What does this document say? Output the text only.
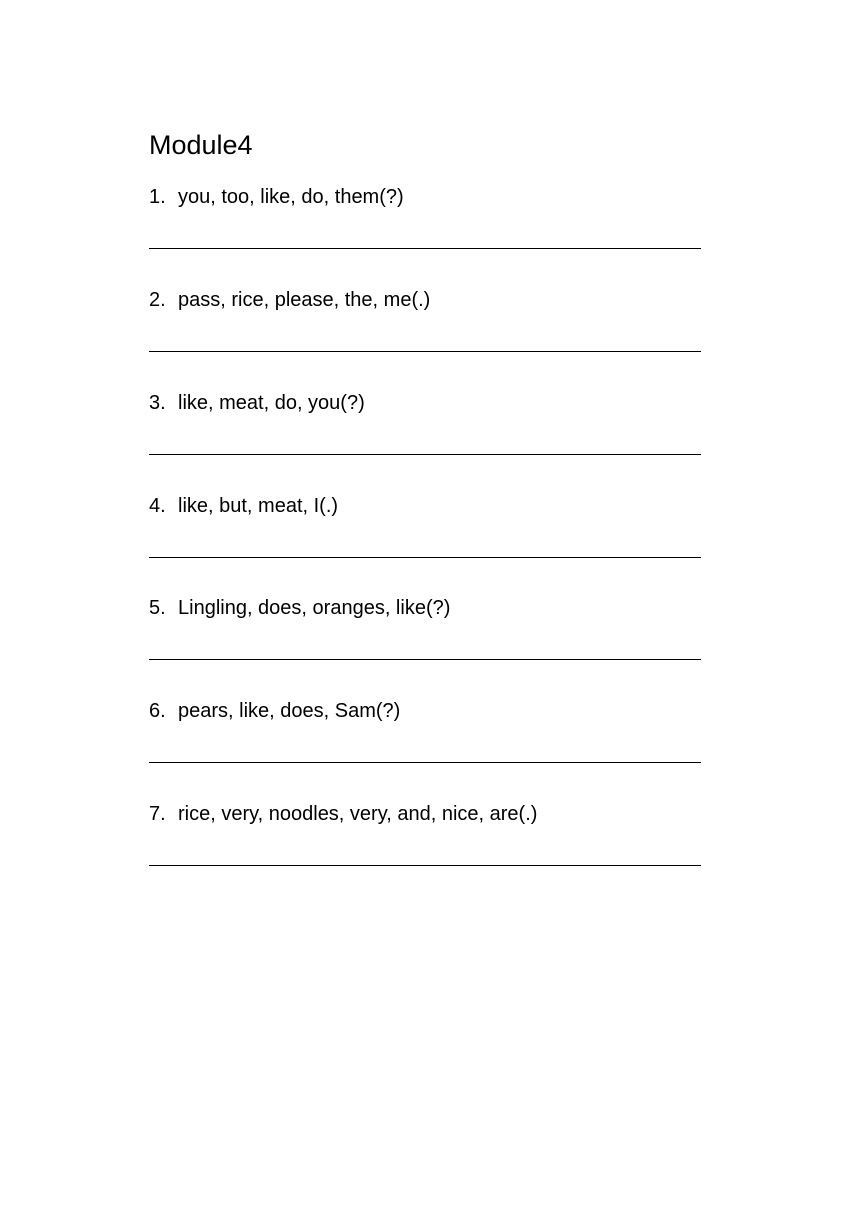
Module4
1. you, too, like, do, them(?)
2. pass, rice, please, the, me(.)
3. like, meat, do, you(?)
4. like, but, meat, I(.)
5. Lingling, does, oranges, like(?)
6. pears, like, does, Sam(?)
7. rice, very, noodles, very, and, nice, are(.)
